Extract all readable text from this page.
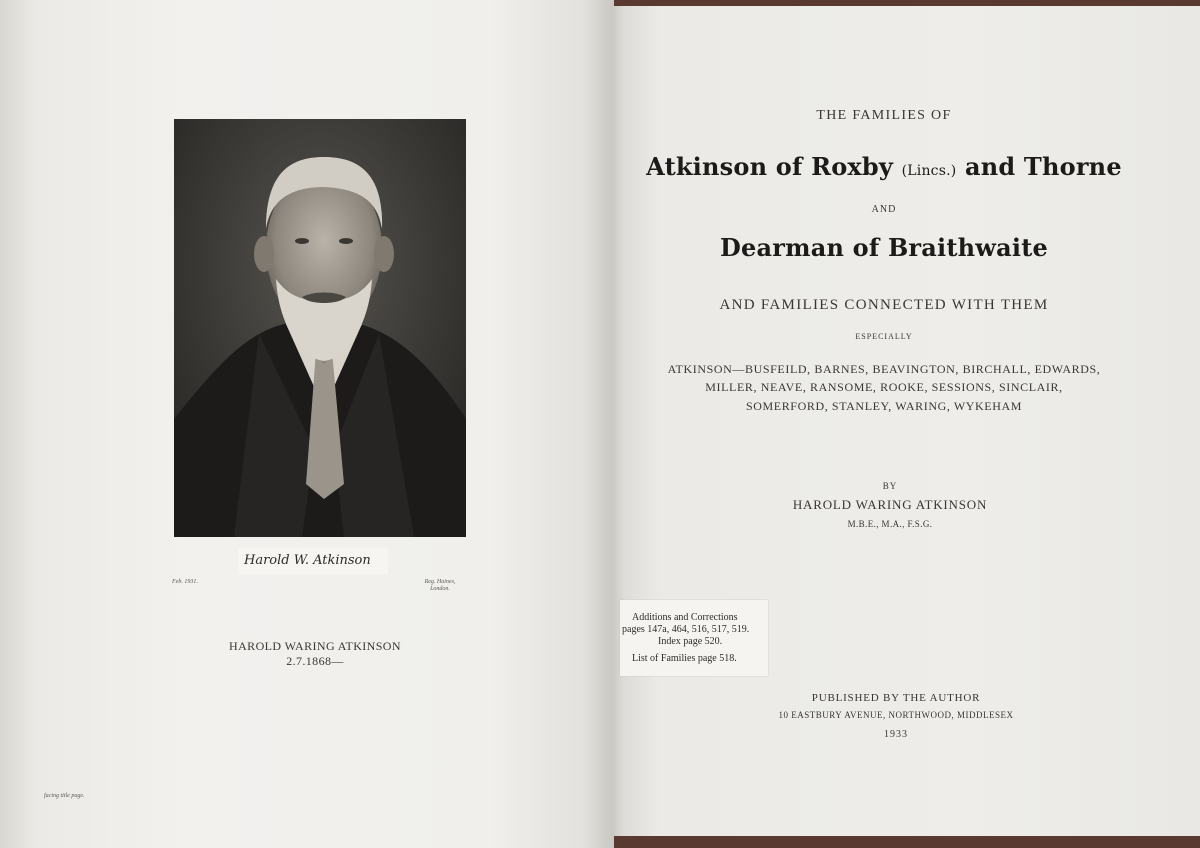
Harold W. Atkinson
Feb. 1931.	Reg. Haines,
London.
HAROLD WARING ATKINSON
2.7.1868—
facing title page.
THE FAMILIES OF
Atkinson of Roxby (Lincs.) and Thorne
AND
Dearman of Braithwaite
AND FAMILIES CONNECTED WITH THEM
ESPECIALLY
ATKINSON—BUSFEILD, BARNES, BEAVINGTON, BIRCHALL, EDWARDS,
MILLER, NEAVE, RANSOME, ROOKE, SESSIONS, SINCLAIR,
SOMERFORD, STANLEY, WARING, WYKEHAM
BY
HAROLD WARING ATKINSON
M.B.E., M.A., F.S.G.
PUBLISHED BY THE AUTHOR
10 EASTBURY AVENUE, NORTHWOOD, MIDDLESEX
1933
Additions and Corrections
pages 147a, 464, 516, 517, 519.
Index page 520.
List of Families page 518.
